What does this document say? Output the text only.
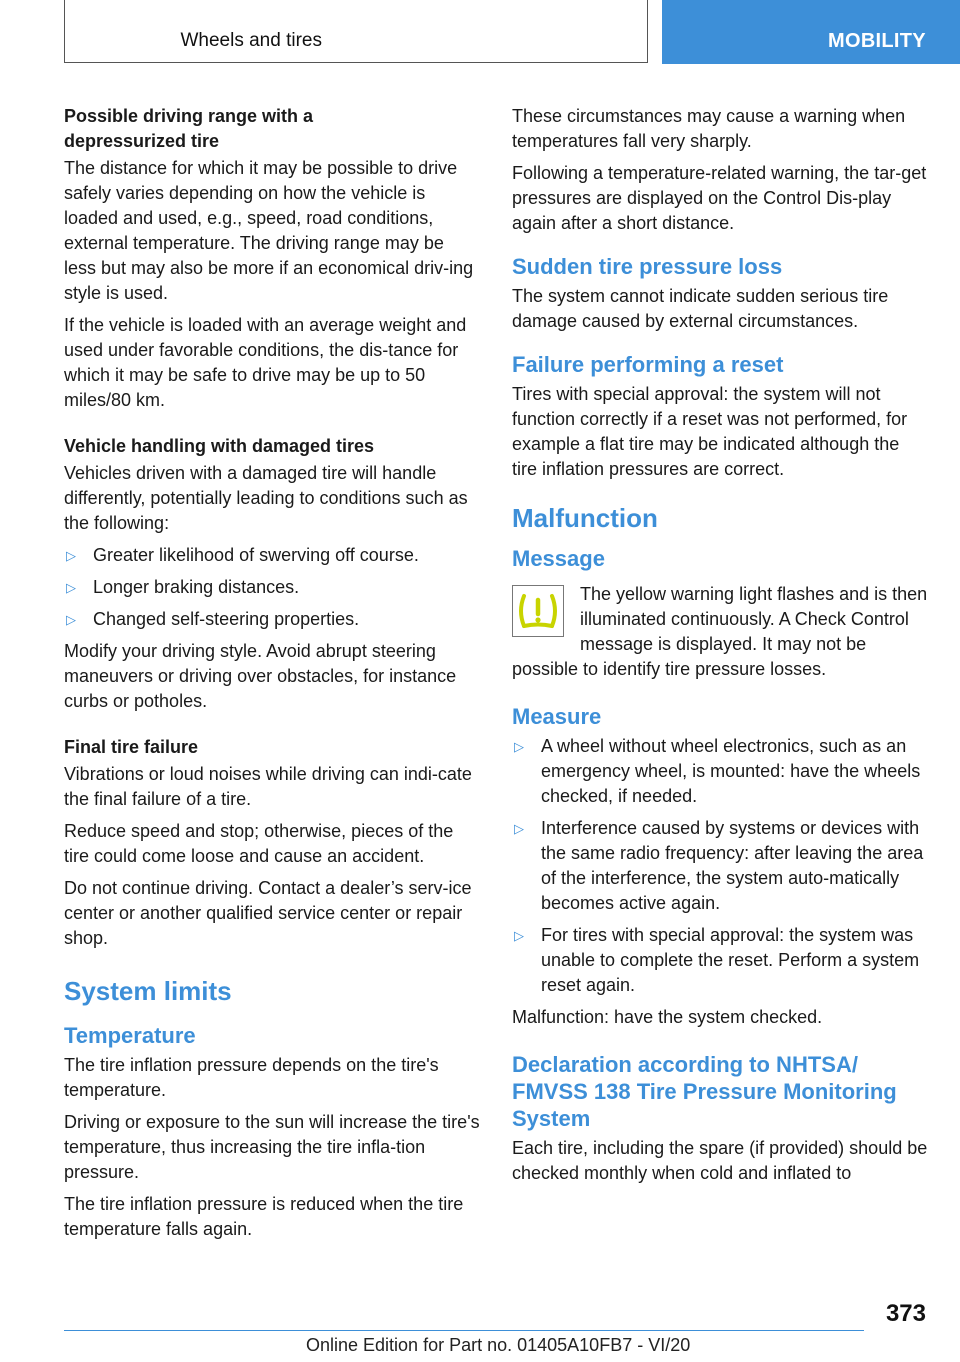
Wheels and tires	MOBILITY

Possible driving range with a depressurized tire

The distance for which it may be possible to drive safely varies depending on how the vehicle is loaded and used, e.g., speed, road conditions, external temperature. The driving range may be less but may also be more if an economical driv‐ing style is used.

If the vehicle is loaded with an average weight and used under favorable conditions, the dis‐tance for which it may be safe to drive may be up to 50 miles/80 km.

Vehicle handling with damaged tires

Vehicles driven with a damaged tire will handle differently, potentially leading to conditions such as the following:

▷ Greater likelihood of swerving off course.
▷ Longer braking distances.
▷ Changed self-steering properties.

Modify your driving style. Avoid abrupt steering maneuvers or driving over obstacles, for instance curbs or potholes.

Final tire failure

Vibrations or loud noises while driving can indi‐cate the final failure of a tire.

Reduce speed and stop; otherwise, pieces of the tire could come loose and cause an accident.

Do not continue driving. Contact a dealer’s serv‐ice center or another qualified service center or repair shop.

System limits
Temperature

The tire inflation pressure depends on the tire's temperature.

Driving or exposure to the sun will increase the tire's temperature, thus increasing the tire infla‐tion pressure.

The tire inflation pressure is reduced when the tire temperature falls again.

These circumstances may cause a warning when temperatures fall very sharply.

Following a temperature-related warning, the tar‐get pressures are displayed on the Control Dis‐play again after a short distance.

Sudden tire pressure loss

The system cannot indicate sudden serious tire damage caused by external circumstances.

Failure performing a reset

Tires with special approval: the system will not function correctly if a reset was not performed, for example a flat tire may be indicated although the tire inflation pressures are correct.

Malfunction
Message

The yellow warning light flashes and is then illuminated continuously. A Check Control message is displayed. It may not be possible to identify tire pressure losses.

Measure
▷ A wheel without wheel electronics, such as an emergency wheel, is mounted: have the wheels checked, if needed.
▷ Interference caused by systems or devices with the same radio frequency: after leaving the area of the interference, the system auto‐matically becomes active again.
▷ For tires with special approval: the system was unable to complete the reset. Perform a system reset again.

Malfunction: have the system checked.

Declaration according to NHTSA/ FMVSS 138 Tire Pressure Monitoring System

Each tire, including the spare (if provided) should be checked monthly when cold and inflated to

373
Online Edition for Part no. 01405A10FB7 - VI/20
